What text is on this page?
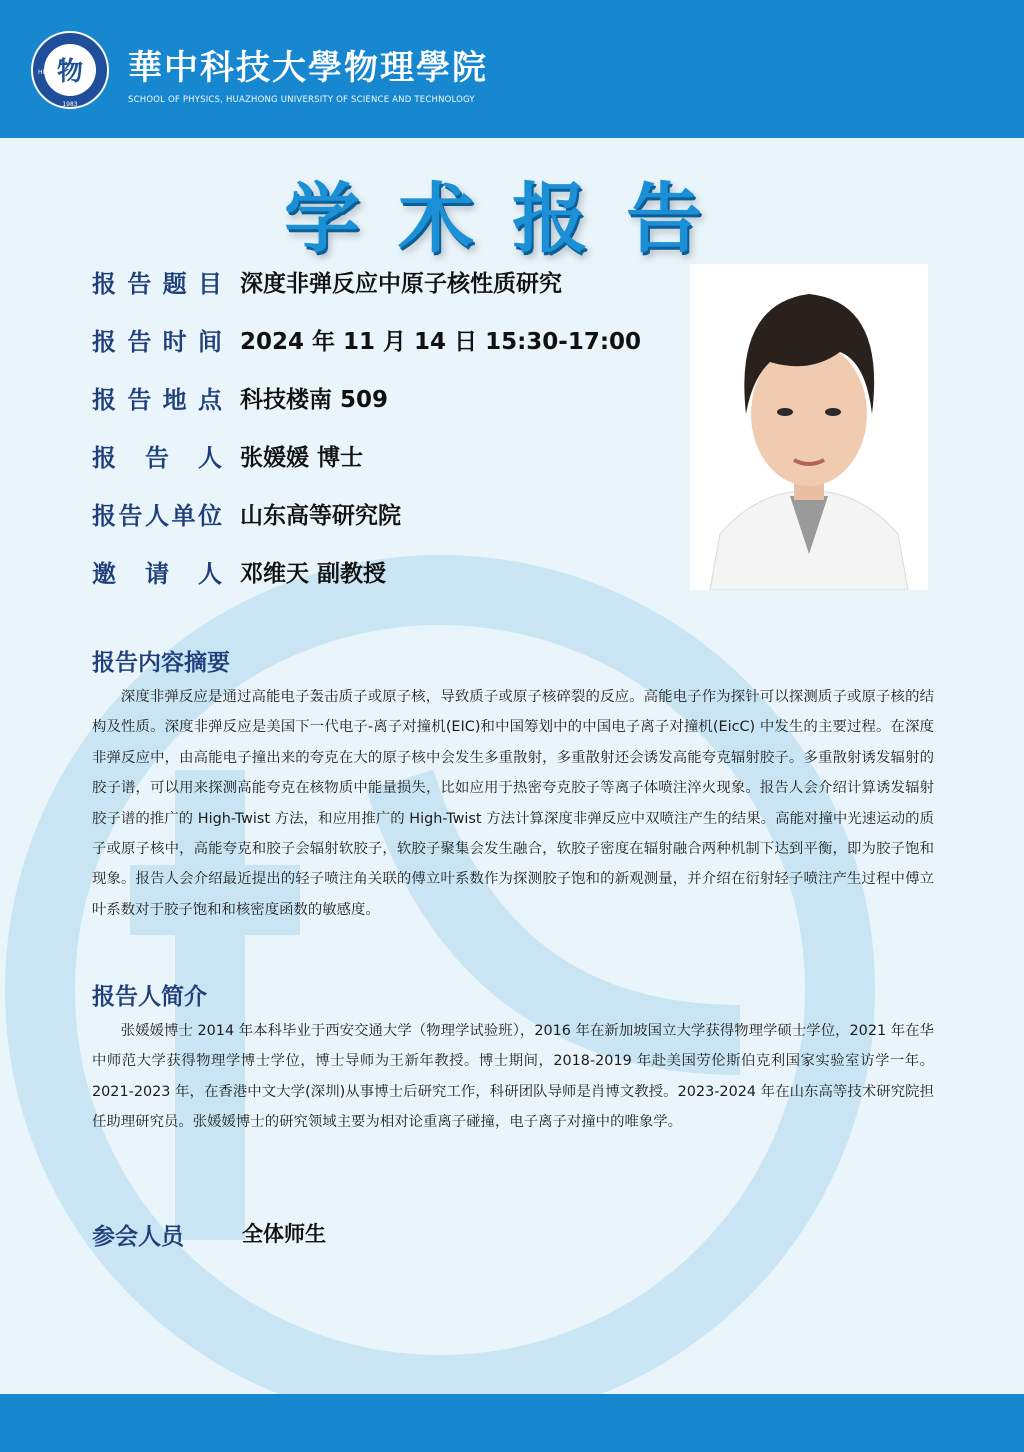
物
1983
HUST 華中科技大學物理學院
SCHOOL OF PHYSICS, HUAZHONG UNIVERSITY OF SCIENCE AND TECHNOLOGY
学术报告
报 告 题 目 深度非弹反应中原子核性质研究
报 告 时 间 2024 年 11 月 14 日 15:30-17:00
报 告 地 点 科技楼南 509
报 告 人 张媛媛 博士
报 告 人 单 位 山东高等研究院
邀 请 人 邓维天 副教授
报告内容摘要
深度非弹反应是通过高能电子轰击质子或原子核，导致质子或原子核碎裂的反应。高能电子作为探针可以探测质子或原子核的结构及性质。深度非弹反应是美国下一代电子-离子对撞机(EIC)和中国筹划中的中国电子离子对撞机(EicC) 中发生的主要过程。在深度非弹反应中，由高能电子撞出来的夸克在大的原子核中会发生多重散射，多重散射还会诱发高能夸克辐射胶子。多重散射诱发辐射的胶子谱，可以用来探测高能夸克在核物质中能量损失，比如应用于热密夸克胶子等离子体喷注淬火现象。报告人会介绍计算诱发辐射胶子谱的推广的 High-Twist 方法，和应用推广的 High-Twist 方法计算深度非弹反应中双喷注产生的结果。高能对撞中光速运动的质子或原子核中，高能夸克和胶子会辐射软胶子，软胶子聚集会发生融合，软胶子密度在辐射融合两种机制下达到平衡，即为胶子饱和现象。报告人会介绍最近提出的轻子喷注角关联的傅立叶系数作为探测胶子饱和的新观测量，并介绍在衍射轻子喷注产生过程中傅立叶系数对于胶子饱和和核密度函数的敏感度。
报告人简介
张媛媛博士 2014 年本科毕业于西安交通大学（物理学试验班），2016 年在新加坡国立大学获得物理学硕士学位，2021 年在华中师范大学获得物理学博士学位，博士导师为王新年教授。博士期间，2018-2019 年赴美国劳伦斯伯克利国家实验室访学一年。2021-2023 年，在香港中文大学(深圳)从事博士后研究工作，科研团队导师是肖博文教授。2023-2024 年在山东高等技术研究院担任助理研究员。张媛媛博士的研究领域主要为相对论重离子碰撞，电子离子对撞中的唯象学。
参会人员	全体师生
